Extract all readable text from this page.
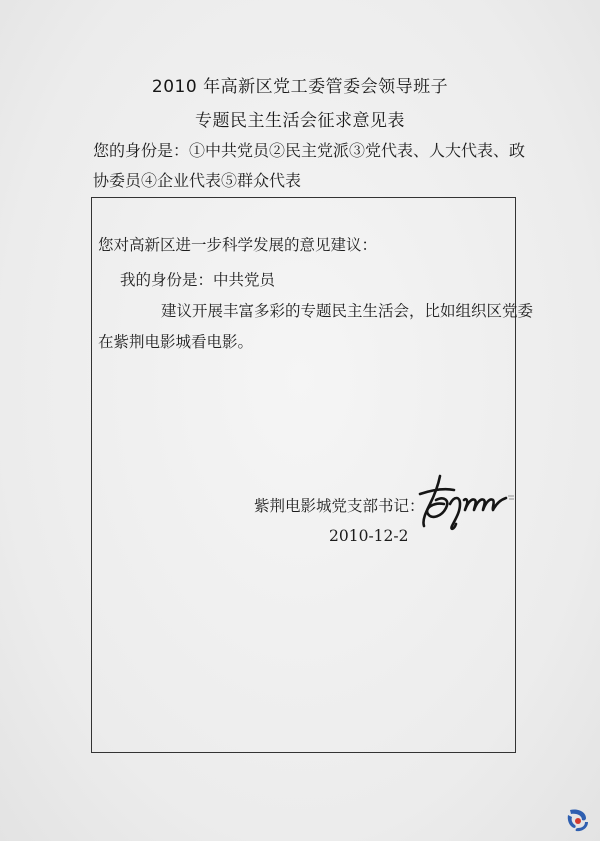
2010 年高新区党工委管委会领导班子
专题民主生活会征求意见表
您的身份是：①中共党员②民主党派③党代表、人大代表、政协委员④企业代表⑤群众代表
您对高新区进一步科学发展的意见建议：
我的身份是：中共党员
建议开展丰富多彩的专题民主生活会，比如组织区党委
在紫荆电影城看电影。
紫荆电影城党支部书记：
2010-12-2
